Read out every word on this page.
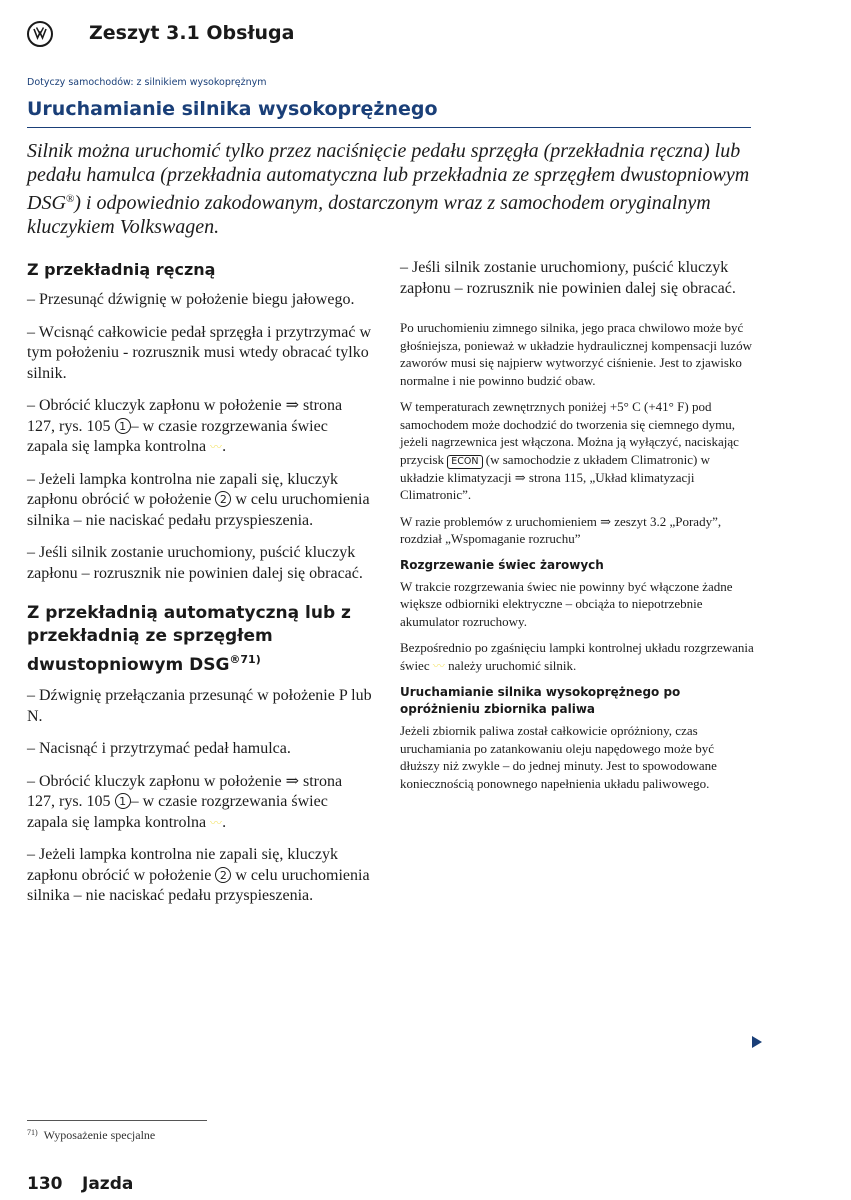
Zeszyt 3.1 Obsługa
Dotyczy samochodów: z silnikiem wysokoprężnym
Uruchamianie silnika wysokoprężnego
Silnik można uruchomić tylko przez naciśnięcie pedału sprzęgła (przekładnia ręczna) lub pedału hamulca (przekładnia automatyczna lub przekładnia ze sprzęgłem dwustopniowym DSG®) i odpowiednio zakodowanym, dostarczonym wraz z samochodem oryginalnym kluczykiem Volkswagen.
Z przekładnią ręczną

– Przesunąć dźwignię w położenie biegu jałowego.

– Wcisnąć całkowicie pedał sprzęgła i przytrzymać w tym położeniu - rozrusznik musi wtedy obracać tylko silnik.

– Obrócić kluczyk zapłonu w położenie ⇒ strona 127, rys. 105 1 – w czasie rozgrzewania świec zapala się lampka kontrolna 〰.

– Jeżeli lampka kontrolna nie zapali się, kluczyk zapłonu obrócić w położenie 2 w celu uruchomienia silnika – nie naciskać pedału przyspieszenia.

– Jeśli silnik zostanie uruchomiony, puścić kluczyk zapłonu – rozrusznik nie powinien dalej się obracać.

Z przekładnią automatyczną lub z przekładnią ze sprzęgłem dwustopniowym $DSG^{®71)}$

– Dźwignię przełączania przesunąć w położenie P lub N.

– Nacisnąć i przytrzymać pedał hamulca.

– Obrócić kluczyk zapłonu w położenie ⇒ strona 127, rys. 105 1 – w czasie rozgrzewania świec zapala się lampka kontrolna 〰.

– Jeżeli lampka kontrolna nie zapali się, kluczyk zapłonu obrócić w położenie 2 w celu uruchomienia silnika – nie naciskać pedału przyspieszenia.

– Jeśli silnik zostanie uruchomiony, puścić kluczyk zapłonu – rozrusznik nie powinien dalej się obracać.

Po uruchomieniu zimnego silnika, jego praca chwilowo może być głośniejsza, ponieważ w układzie hydraulicznej kompensacji luzów zaworów musi się najpierw wytworzyć ciśnienie. Jest to zjawisko normalne i nie powinno budzić obaw.

W temperaturach zewnętrznych poniżej +5° C (+41° F) pod samochodem może dochodzić do tworzenia się ciemnego dymu, jeżeli nagrzewnica jest włączona. Można ją wyłączyć, naciskając przycisk ECON (w samochodzie z układem Climatronic) w układzie klimatyzacji ⇒ strona 115, „Układ klimatyzacji Climatronic”.

W razie problemów z uruchomieniem ⇒ zeszyt 3.2 „Porady”, rozdział „Wspomaganie rozruchu”

Rozgrzewanie świec żarowych

W trakcie rozgrzewania świec nie powinny być włączone żadne większe odbiorniki elektryczne – obciąża to niepotrzebnie akumulator rozruchowy.

Bezpośrednio po zgaśnięciu lampki kontrolnej układu rozgrzewania świec 〰 należy uruchomić silnik.

Uruchamianie silnika wysokoprężnego po opróżnieniu zbiornika paliwa

Jeżeli zbiornik paliwa został całkowicie opróżniony, czas uruchamiania po zatankowaniu oleju napędowego może być dłuższy niż zwykle – do jednej minuty. Jest to spowodowane koniecznością ponownego napełnienia układu paliwowego.

$^{71)}$ Wyposażenie specjalne
130 Jazda
